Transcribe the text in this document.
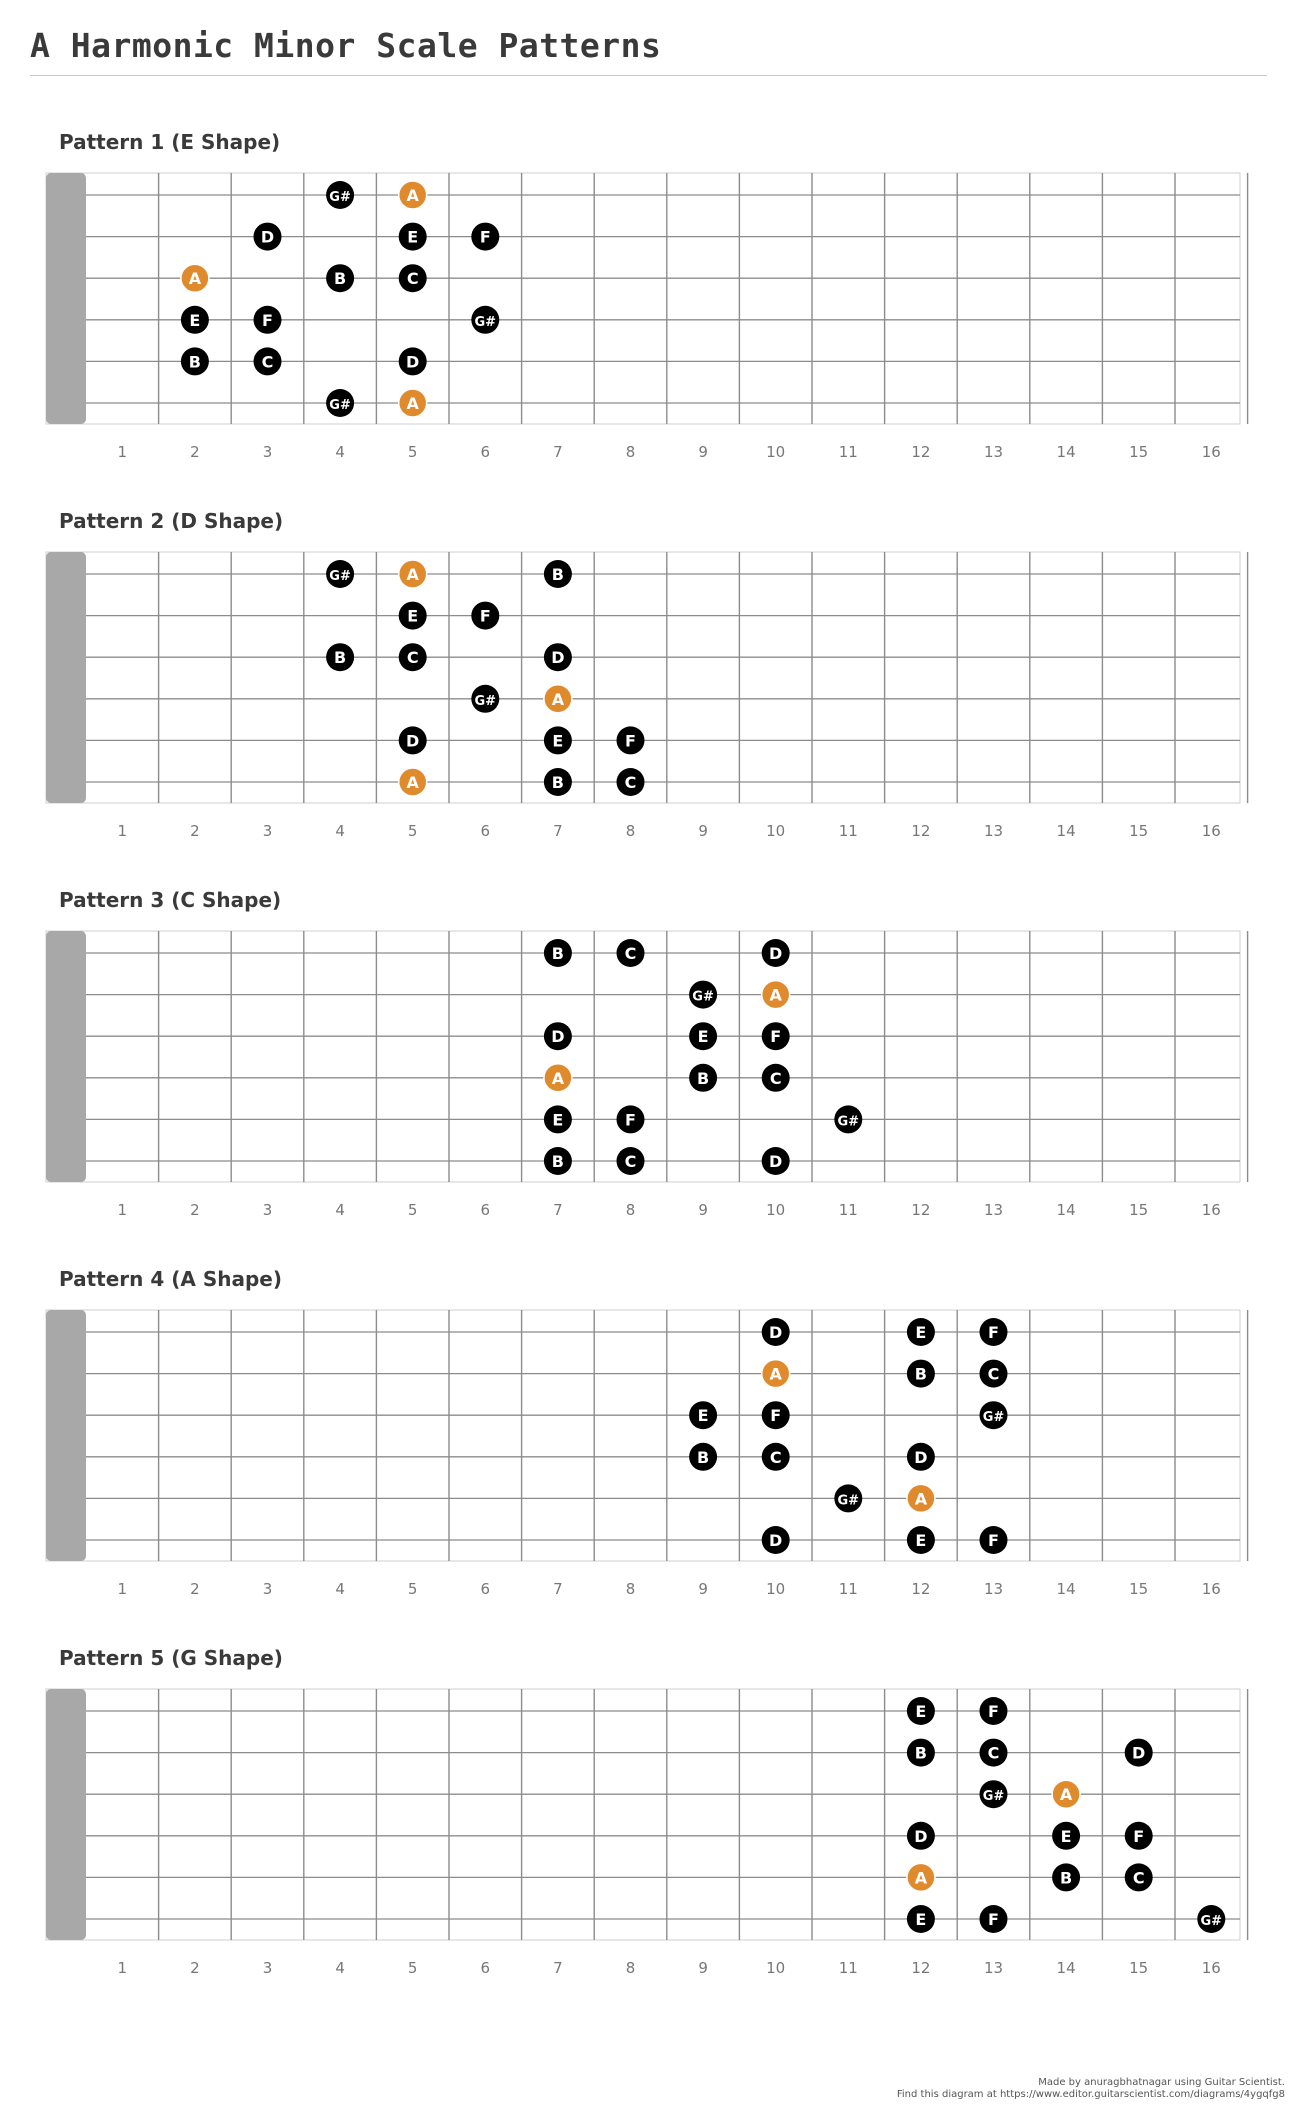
A Harmonic Minor Scale Patterns
Pattern 1 (E Shape)
1	2	3	4	5	6	7	8	9	10	11	12	13	14	15	16
G#	A
D	E	F
A	B	C
E	F	G#
B	C	D
G#	A
Pattern 2 (D Shape)
1	2	3	4	5	6	7	8	9	10	11	12	13	14	15	16
G#	A	B
E	F
B	C	D
G#	A
D	E	F
A	B	C
Pattern 3 (C Shape)
1	2	3	4	5	6	7	8	9	10	11	12	13	14	15	16
B	C	D
G#	A
D	E	F
A	B	C
E	F	G#
B	C	D
Pattern 4 (A Shape)
1	2	3	4	5	6	7	8	9	10	11	12	13	14	15	16
D	E	F
A	B	C
E	F	G#
B	C	D
G#	A
D	E	F
Pattern 5 (G Shape)
1	2	3	4	5	6	7	8	9	10	11	12	13	14	15	16
E	F
B	C	D
G#	A
D	E	F
A	B	C
E	F	G#
Made by anuragbhatnagar using Guitar Scientist.
Find this diagram at https://www.editor.guitarscientist.com/diagrams/4ygqfg8
